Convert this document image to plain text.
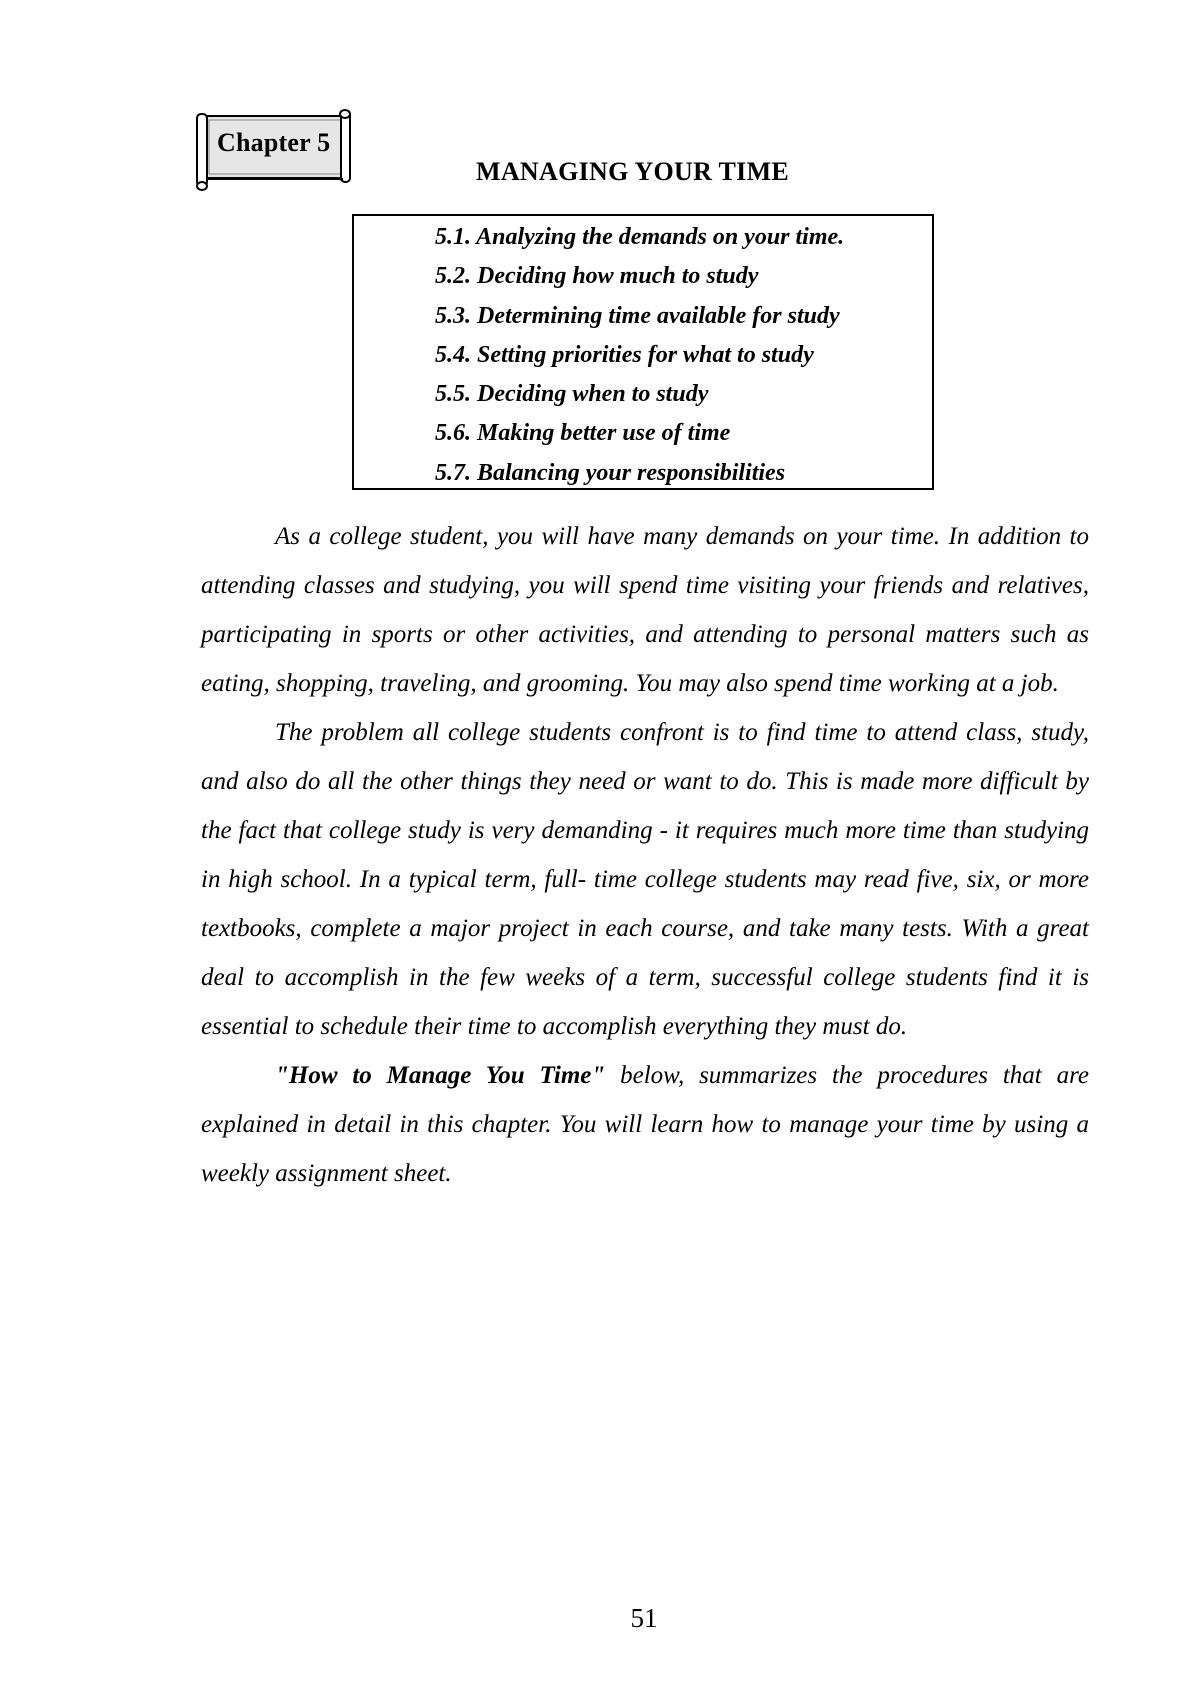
Chapter 5
MANAGING YOUR TIME
5.1. Analyzing the demands on your time.
5.2. Deciding how much to study
5.3. Determining time available for study
5.4. Setting priorities for what to study
5.5. Deciding when to study
5.6. Making better use of time
5.7. Balancing your responsibilities

As a college student, you will have many demands on your time. In addition to attending classes and studying, you will spend time visiting your friends and relatives, participating in sports or other activities, and attending to personal matters such as eating, shopping, traveling, and grooming. You may also spend time working at a job.

The problem all college students confront is to find time to attend class, study, and also do all the other things they need or want to do. This is made more difficult by the fact that college study is very demanding - it requires much more time than studying in high school. In a typical term, full- time college students may read five, six, or more textbooks, complete a major project in each course, and take many tests. With a great deal to accomplish in the few weeks of a term, successful college students find it is essential to schedule their time to accomplish everything they must do.

"How to Manage You Time" below, summarizes the procedures that are explained in detail in this chapter. You will learn how to manage your time by using a weekly assignment sheet.

51
